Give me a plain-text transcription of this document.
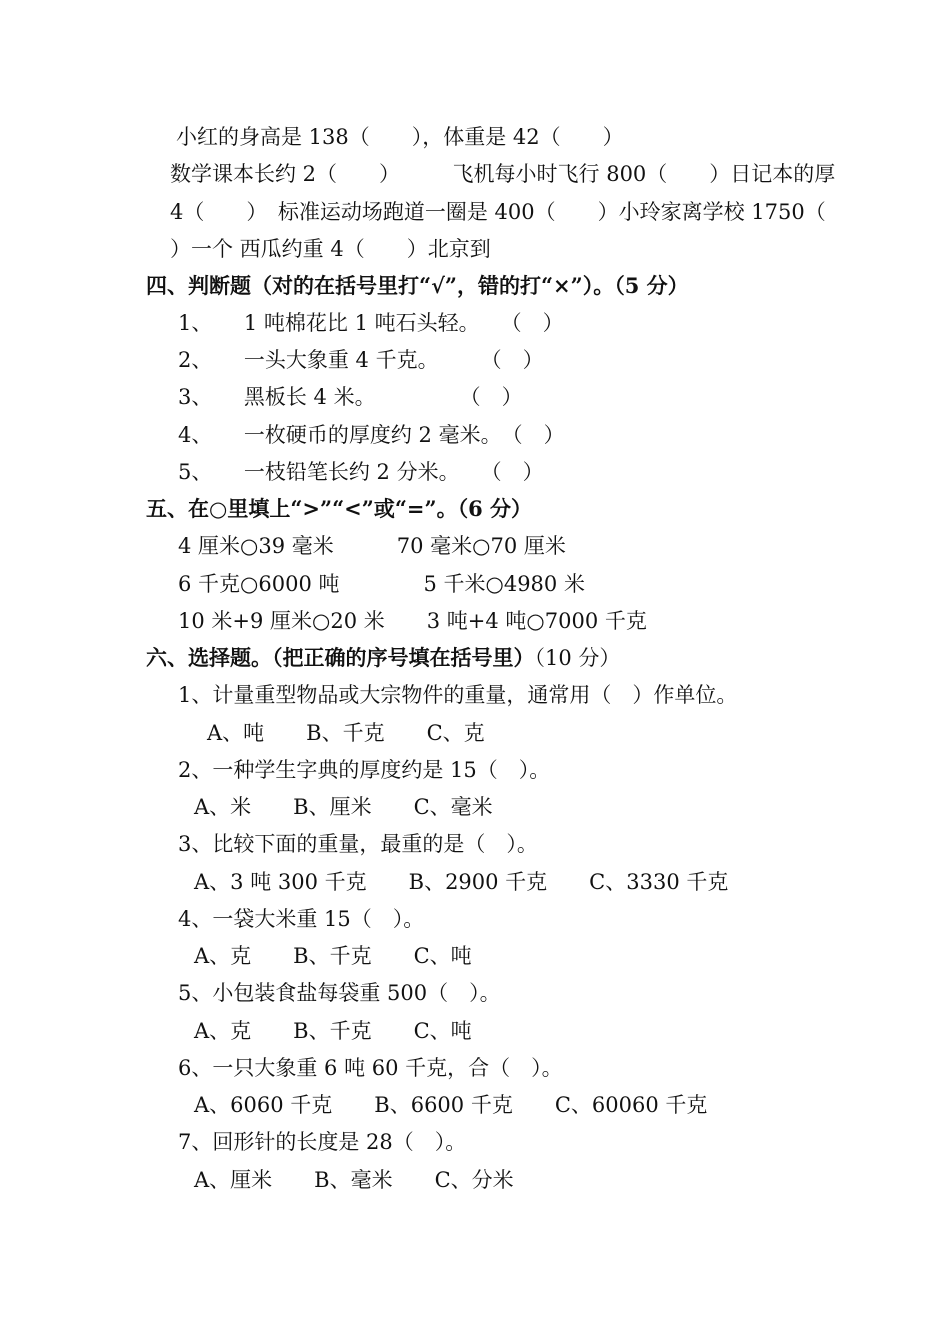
小红的身高是 138（　　），体重是 42（　　）
数学课本长约 2（　　）　　　飞机每小时飞行 800（　　）日记本的厚
4（　　）　标准运动场跑道一圈是 400（　　）小玲家离学校 1750（
）一个 西瓜约重 4（　　）北京到
四、判断题（对的在括号里打“√”，错的打“×”）。（5 分）
1、　　1 吨棉花比 1 吨石头轻。　　（　）
2、　　一头大象重 4 千克。　　　（　）
3、　　黑板长 4 米。　　　　　（　）
4、　　一枚硬币的厚度约 2 毫米。　（　）
5、　　一枝铅笔长约 2 分米。　　（　）
五、在○里填上“>”“<”或“=”。（6 分）
4 厘米○39 毫米　　　70 毫米○70 厘米
6 千克○6000 吨　　　　5 千米○4980 米
10 米+9 厘米○20 米　　3 吨+4 吨○7000 千克
六、选择题。（把正确的序号填在括号里）（10 分）
1、计量重型物品或大宗物件的重量，通常用（　）作单位。
　A、吨　　B、千克　　C、克
2、一种学生字典的厚度约是 15（　）。
A、米　　B、厘米　　C、毫米
3、比较下面的重量，最重的是（　）。
A、3 吨 300 千克　　B、2900 千克　　C、3330 千克
4、一袋大米重 15（　）。
A、克　　B、千克　　C、吨
5、小包装食盐每袋重 500（　）。
A、克　　B、千克　　C、吨
6、一只大象重 6 吨 60 千克，合（　）。
A、6060 千克　　B、6600 千克　　C、60060 千克
7、回形针的长度是 28（　）。
A、厘米　　B、毫米　　C、分米
